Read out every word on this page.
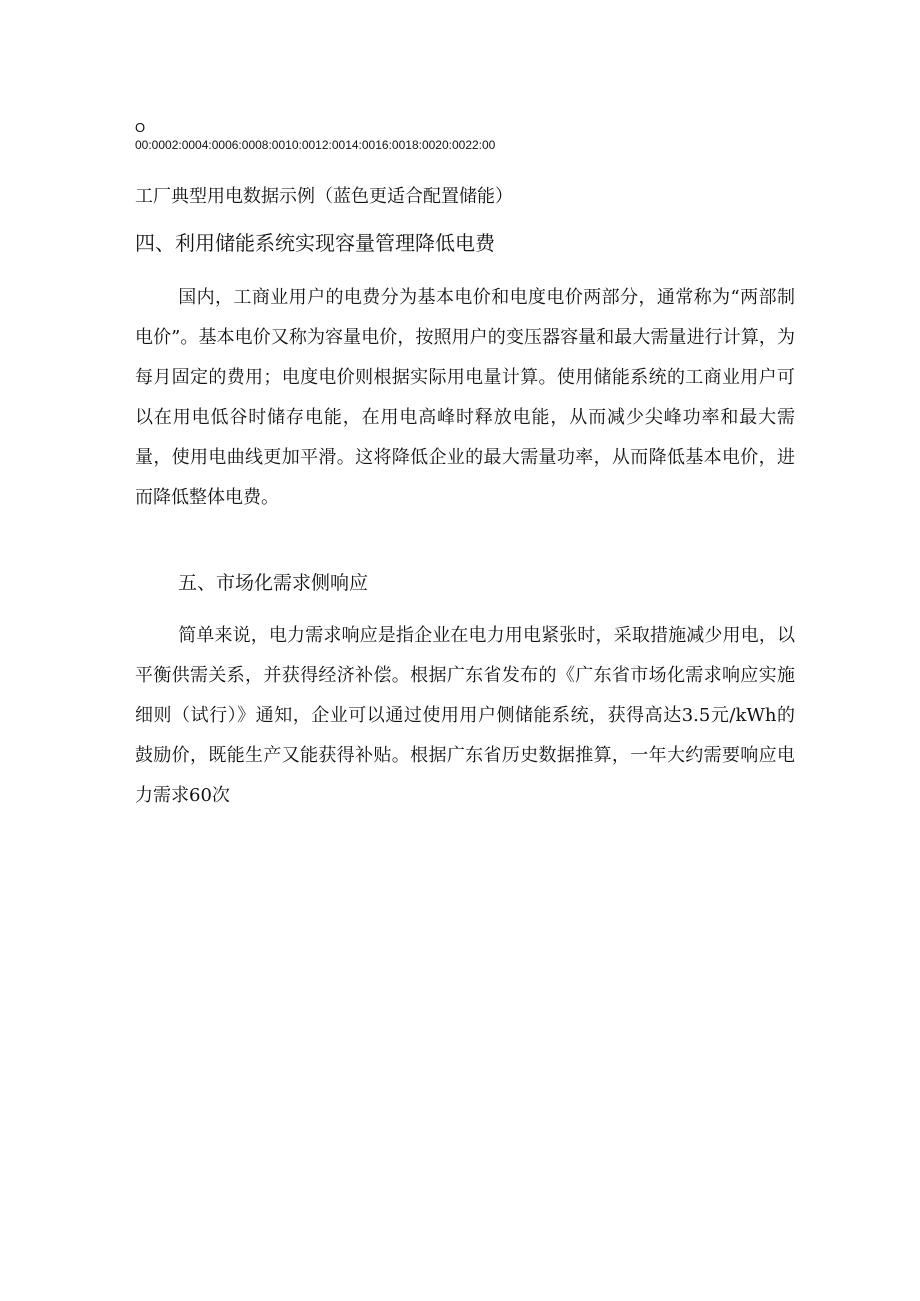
O
00:0002:0004:0006:0008:0010:0012:0014:0016:0018:0020:0022:00
工厂典型用电数据示例（蓝色更适合配置储能）
四、利用储能系统实现容量管理降低电费
国内，工商业用户的电费分为基本电价和电度电价两部分，通常称为“两部制电价”。基本电价又称为容量电价，按照用户的变压器容量和最大需量进行计算，为每月固定的费用；电度电价则根据实际用电量计算。使用储能系统的工商业用户可以在用电低谷时储存电能，在用电高峰时释放电能，从而减少尖峰功率和最大需量，使用电曲线更加平滑。这将降低企业的最大需量功率，从而降低基本电价，进而降低整体电费。
五、市场化需求侧响应
简单来说，电力需求响应是指企业在电力用电紧张时，采取措施减少用电，以平衡供需关系，并获得经济补偿。根据广东省发布的《广东省市场化需求响应实施细则（试行）》通知，企业可以通过使用用户侧储能系统，获得高达3.5元/kWh的鼓励价，既能生产又能获得补贴。根据广东省历史数据推算，一年大约需要响应电力需求60次
